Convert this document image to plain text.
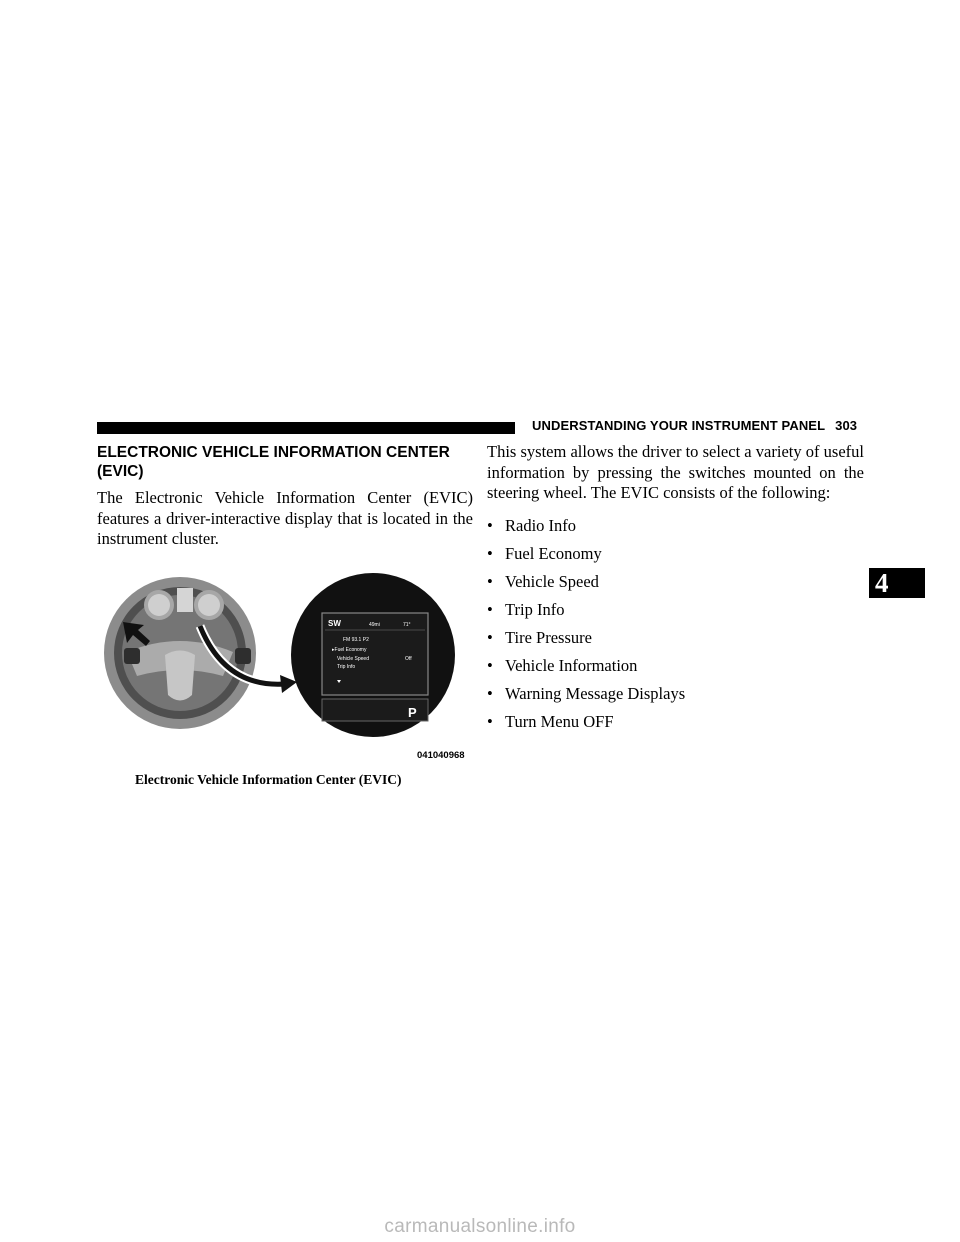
UNDERSTANDING YOUR INSTRUMENT PANEL 303
ELECTRONIC VEHICLE INFORMATION CENTER (EVIC)
The Electronic Vehicle Information Center (EVIC) features a driver-interactive display that is located in the instrument cluster.
SW	49mi	71°
FM 93.1 P2
▸Fuel Economy
Vehicle Speed	Off
Trip Info
P
041040968
Electronic Vehicle Information Center (EVIC)
This system allows the driver to select a variety of useful information by pressing the switches mounted on the steering wheel. The EVIC consists of the following:
• Radio Info
• Fuel Economy
• Vehicle Speed
• Trip Info
• Tire Pressure
• Vehicle Information
• Warning Message Displays
• Turn Menu OFF
4
carmanualsonline.info
